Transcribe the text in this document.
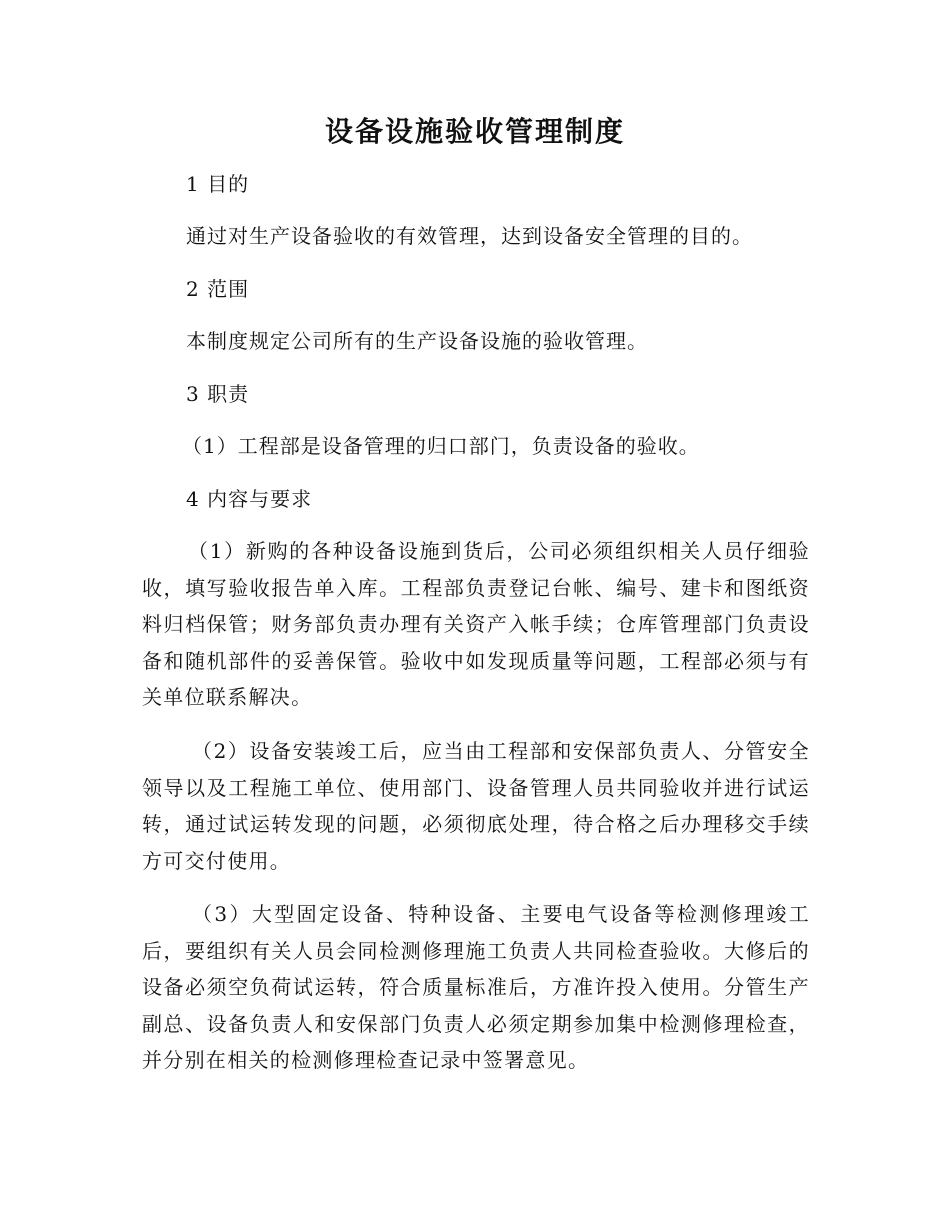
设备设施验收管理制度
1 目的
通过对生产设备验收的有效管理，达到设备安全管理的目的。
2 范围
本制度规定公司所有的生产设备设施的验收管理。
3 职责
（1）工程部是设备管理的归口部门，负责设备的验收。
4 内容与要求
（1）新购的各种设备设施到货后，公司必须组织相关人员仔细验收，填写验收报告单入库。工程部负责登记台帐、编号、建卡和图纸资料归档保管；财务部负责办理有关资产入帐手续；仓库管理部门负责设备和随机部件的妥善保管。验收中如发现质量等问题，工程部必须与有关单位联系解决。
（2）设备安装竣工后，应当由工程部和安保部负责人、分管安全领导以及工程施工单位、使用部门、设备管理人员共同验收并进行试运转，通过试运转发现的问题，必须彻底处理，待合格之后办理移交手续方可交付使用。
（3）大型固定设备、特种设备、主要电气设备等检测修理竣工后，要组织有关人员会同检测修理施工负责人共同检查验收。大修后的设备必须空负荷试运转，符合质量标准后，方准许投入使用。分管生产副总、设备负责人和安保部门负责人必须定期参加集中检测修理检查，并分别在相关的检测修理检查记录中签署意见。
